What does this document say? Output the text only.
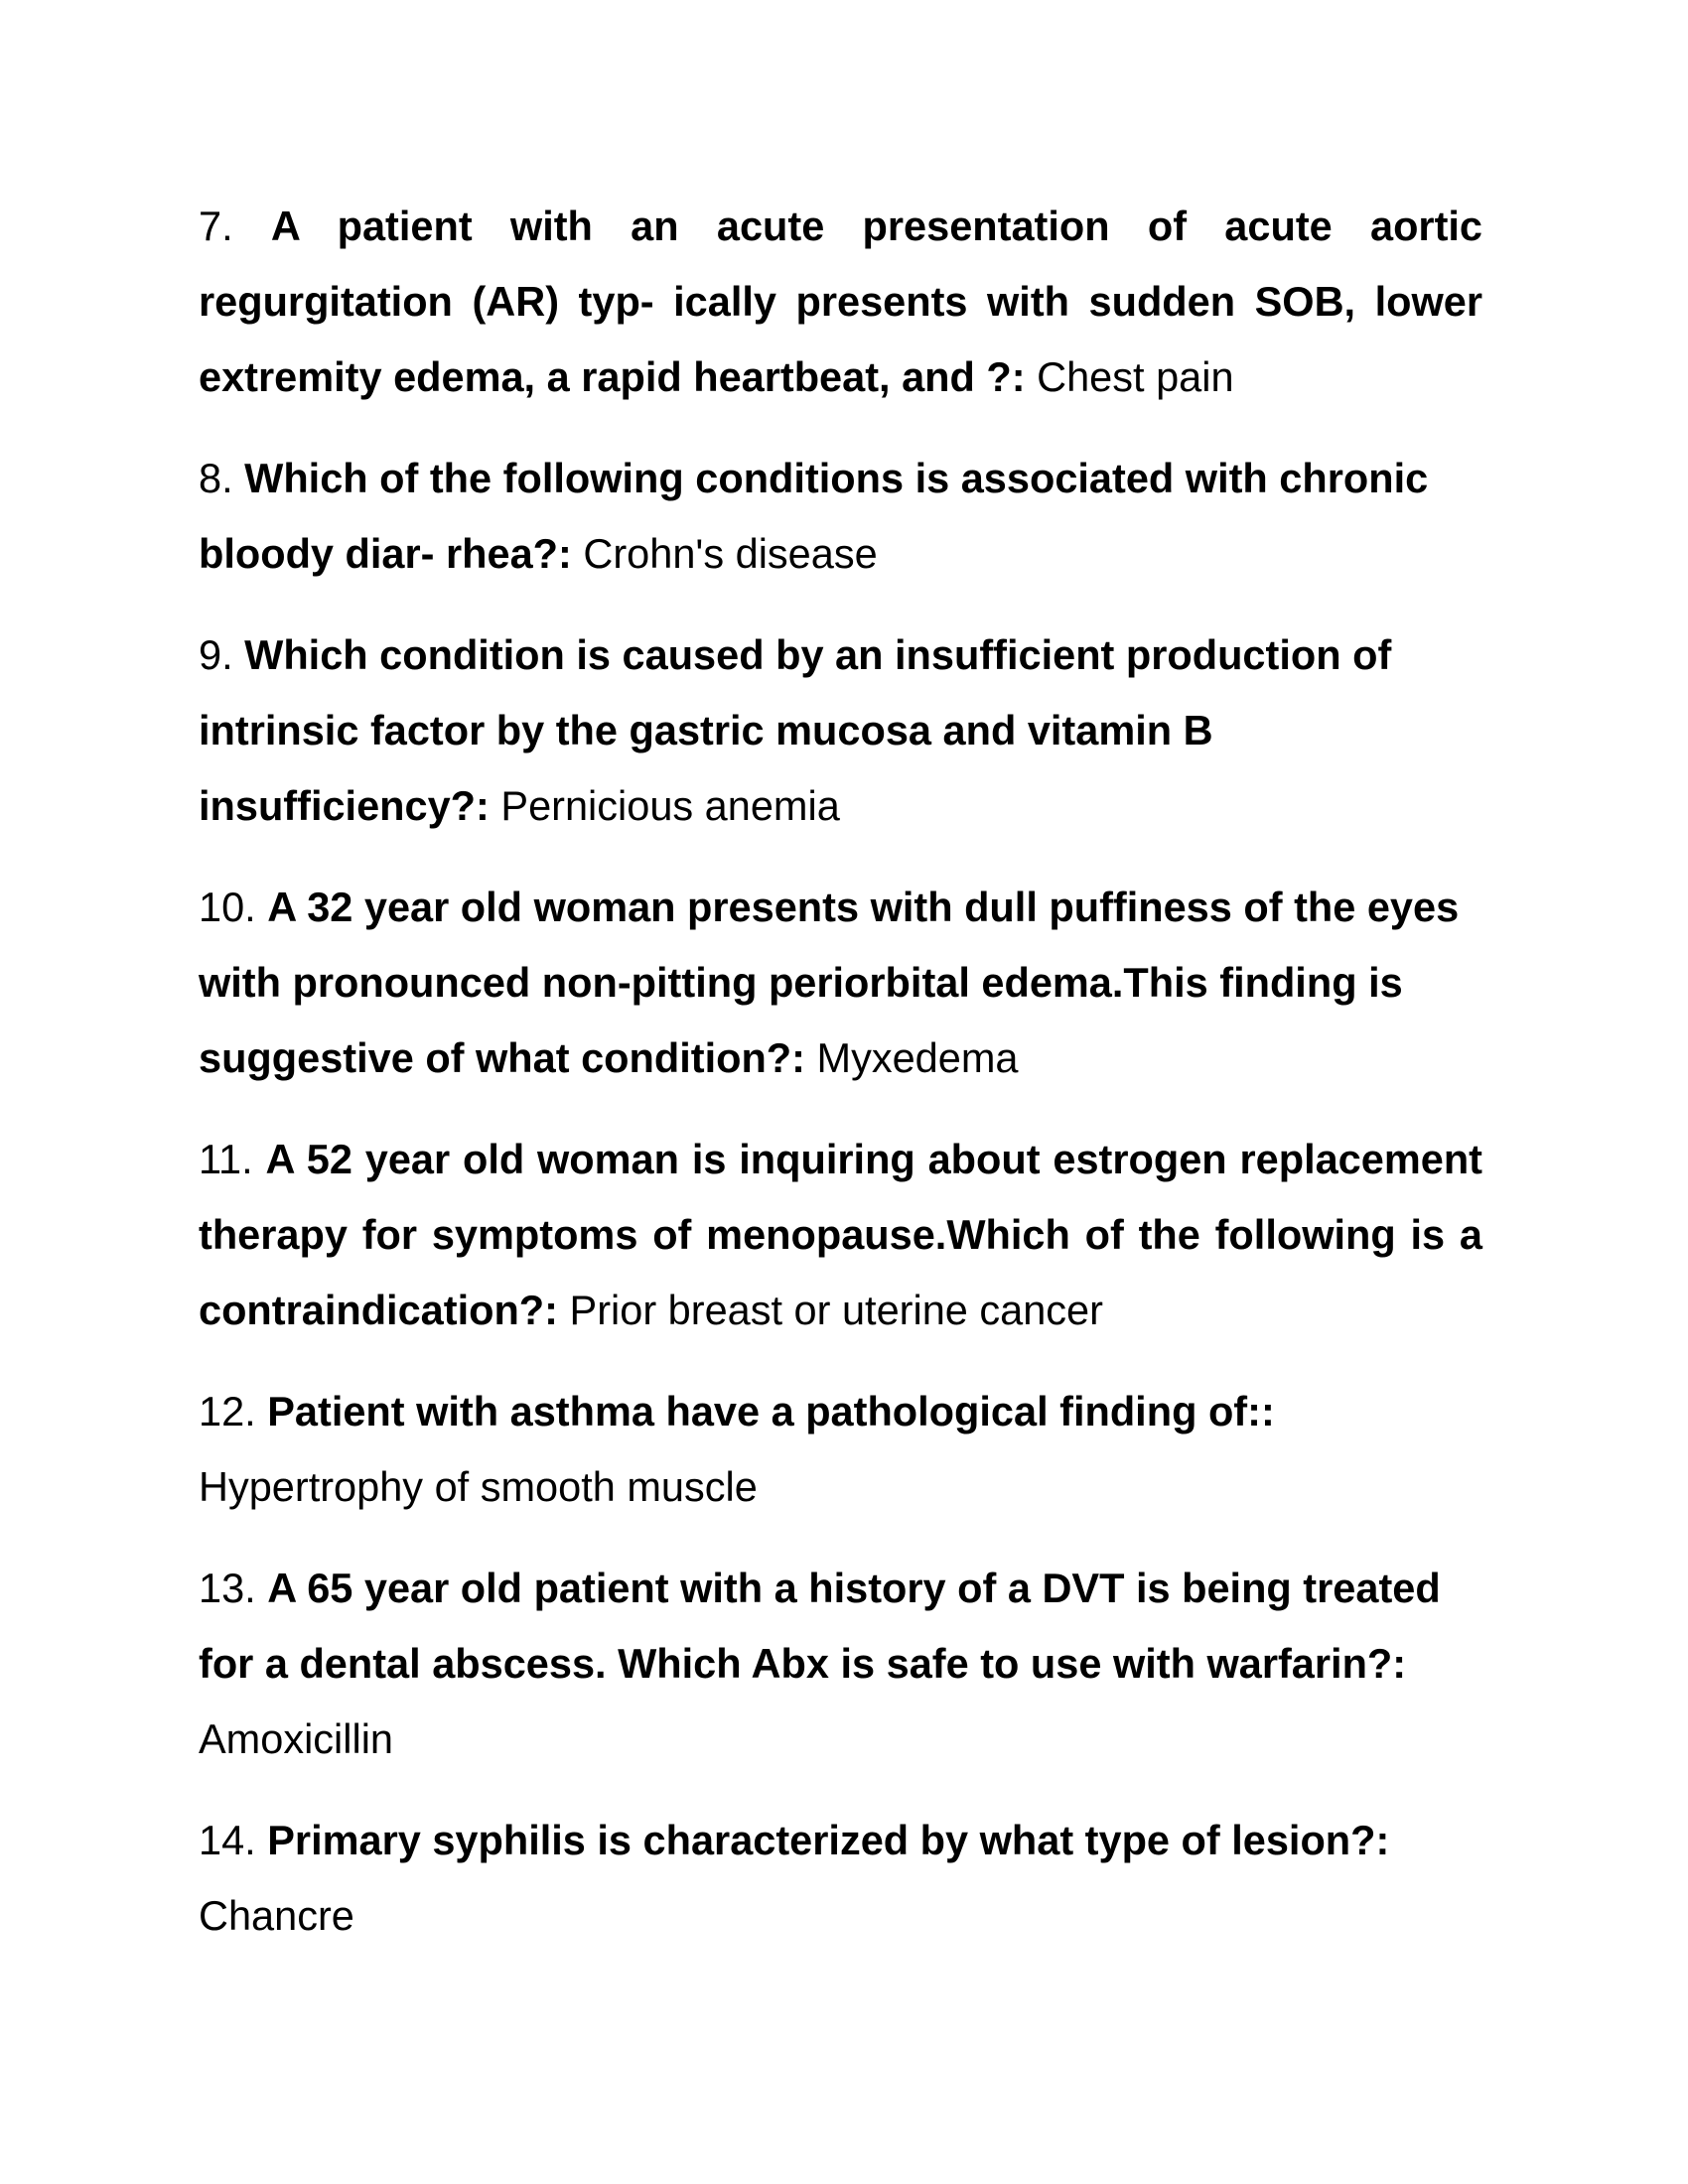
7. A patient with an acute presentation of acute aortic regurgitation (AR) typ- ically presents with sudden SOB, lower extremity edema, a rapid heartbeat, and ?: Chest pain

8. Which of the following conditions is associated with chronic bloody diar- rhea?: Crohn's disease

9. Which condition is caused by an insufficient production of intrinsic factor by the gastric mucosa and vitamin B insufficiency?: Pernicious anemia

10. A 32 year old woman presents with dull puffiness of the eyes with pronounced non-pitting periorbital edema.This finding is suggestive of what condition?: Myxedema

11. A 52 year old woman is inquiring about estrogen replacement therapy for symptoms of menopause.Which of the following is a contraindication?: Prior breast or uterine cancer

12. Patient with asthma have a pathological finding of:: Hypertrophy of smooth muscle

13. A 65 year old patient with a history of a DVT is being treated for a dental abscess. Which Abx is safe to use with warfarin?: Amoxicillin

14. Primary syphilis is characterized by what type of lesion?: Chancre
